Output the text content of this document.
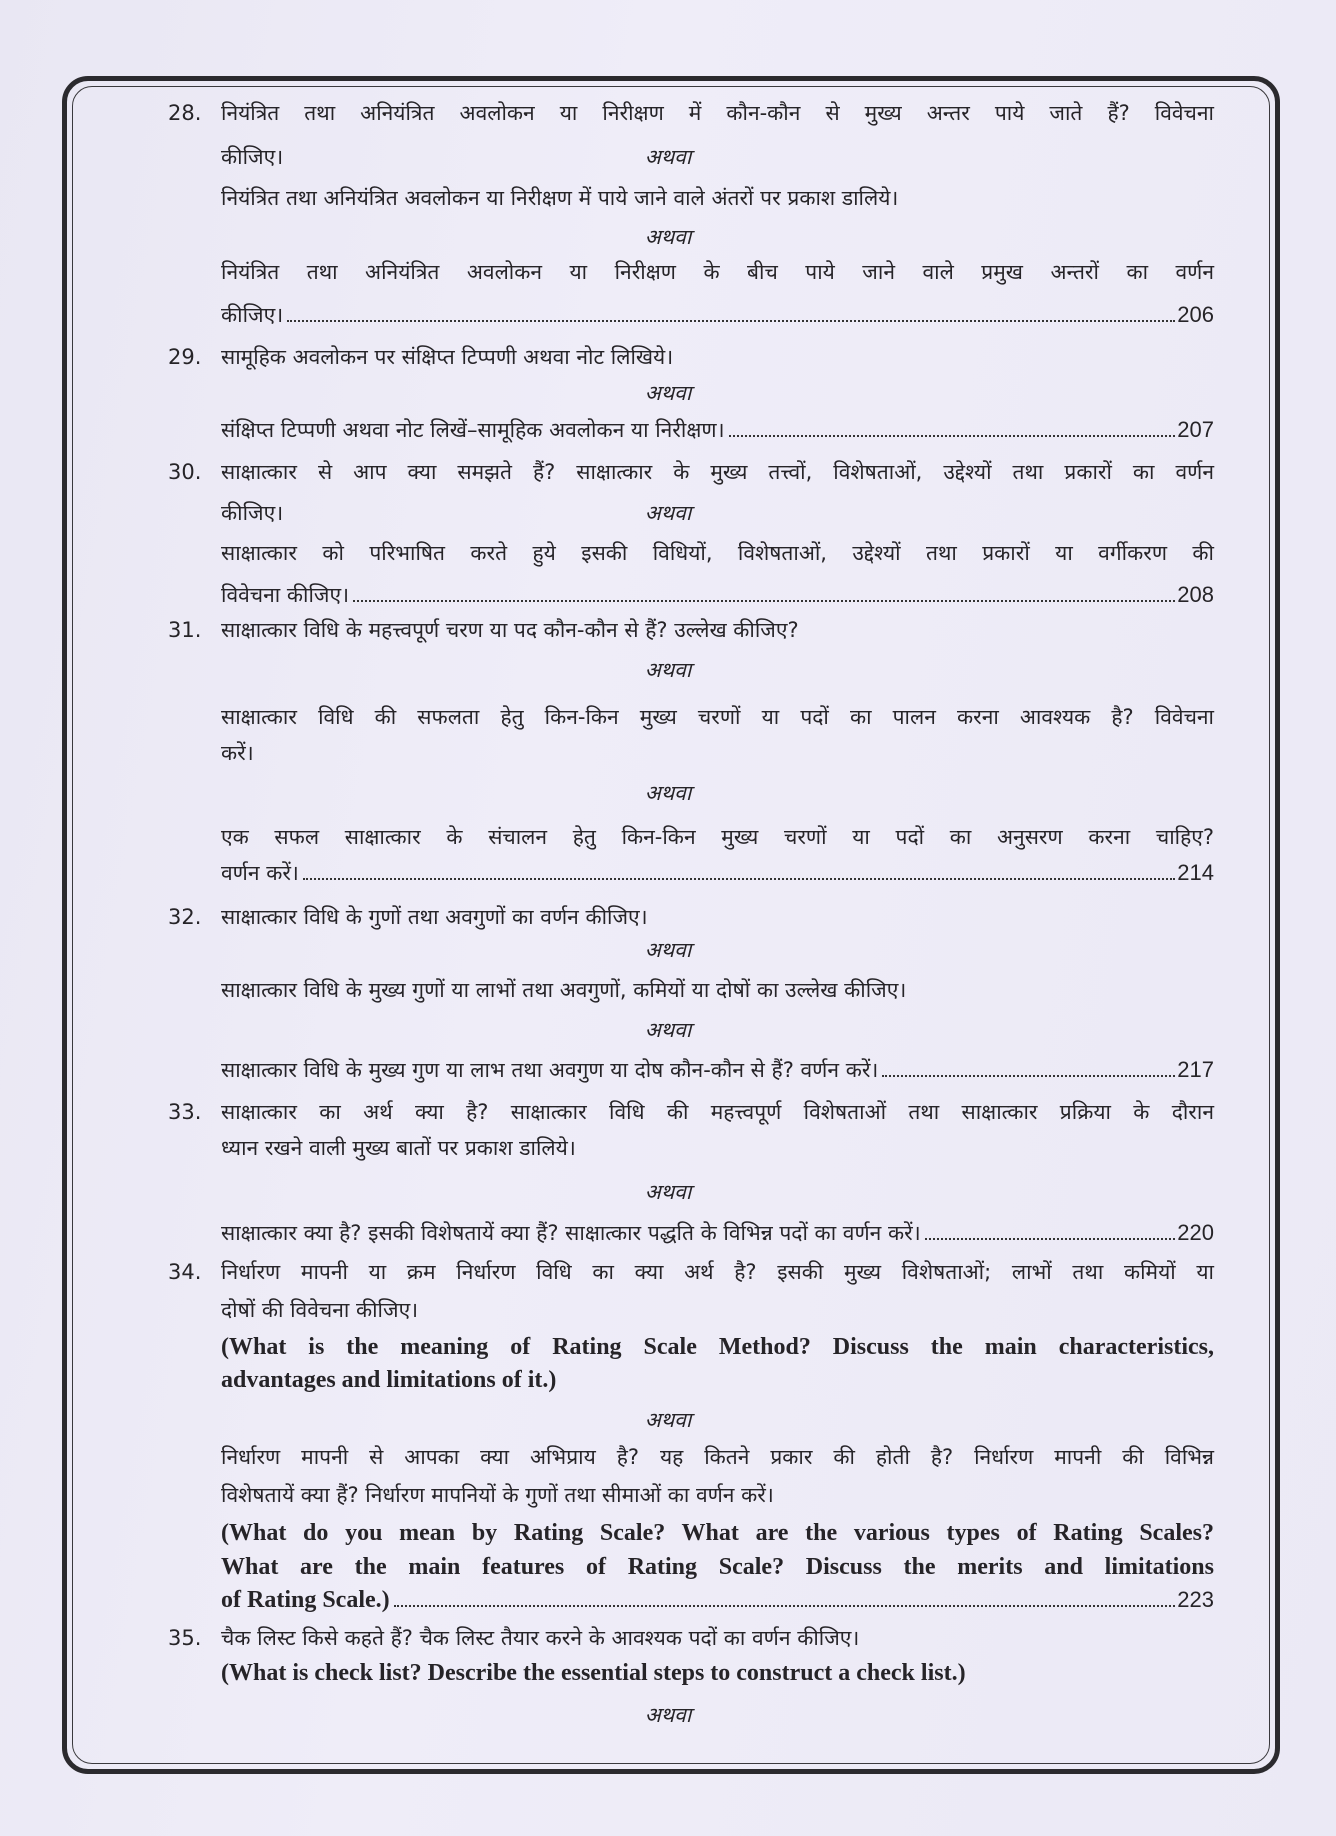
28. नियंत्रित तथा अनियंत्रित अवलोकन या निरीक्षण में कौन-कौन से मुख्य अन्तर पाये जाते हैं? विवेचना
अथवा
कीजिए।
नियंत्रित तथा अनियंत्रित अवलोकन या निरीक्षण में पाये जाने वाले अंतरों पर प्रकाश डालिये।
अथवा
नियंत्रित तथा अनियंत्रित अवलोकन या निरीक्षण के बीच पाये जाने वाले प्रमुख अन्तरों का वर्णन
कीजिए।	206
29. सामूहिक अवलोकन पर संक्षिप्त टिप्पणी अथवा नोट लिखिये।
अथवा
संक्षिप्त टिप्पणी अथवा नोट लिखें–सामूहिक अवलोकन या निरीक्षण।	207
30. साक्षात्कार से आप क्या समझते हैं? साक्षात्कार के मुख्य तत्त्वों, विशेषताओं, उद्देश्यों तथा प्रकारों का वर्णन
अथवा
कीजिए।
साक्षात्कार को परिभाषित करते हुये इसकी विधियों, विशेषताओं, उद्देश्यों तथा प्रकारों या वर्गीकरण की
विवेचना कीजिए।	208
31. साक्षात्कार विधि के महत्त्वपूर्ण चरण या पद कौन-कौन से हैं? उल्लेख कीजिए?
अथवा
साक्षात्कार विधि की सफलता हेतु किन-किन मुख्य चरणों या पदों का पालन करना आवश्यक है? विवेचना
करें।
अथवा
एक सफल साक्षात्कार के संचालन हेतु किन-किन मुख्य चरणों या पदों का अनुसरण करना चाहिए?
वर्णन करें।	214
32. साक्षात्कार विधि के गुणों तथा अवगुणों का वर्णन कीजिए।
अथवा
साक्षात्कार विधि के मुख्य गुणों या लाभों तथा अवगुणों, कमियों या दोषों का उल्लेख कीजिए।
अथवा
साक्षात्कार विधि के मुख्य गुण या लाभ तथा अवगुण या दोष कौन-कौन से हैं? वर्णन करें।	217
33. साक्षात्कार का अर्थ क्या है? साक्षात्कार विधि की महत्त्वपूर्ण विशेषताओं तथा साक्षात्कार प्रक्रिया के दौरान
ध्यान रखने वाली मुख्य बातों पर प्रकाश डालिये।
अथवा
साक्षात्कार क्या है? इसकी विशेषतायें क्या हैं? साक्षात्कार पद्धति के विभिन्न पदों का वर्णन करें।	220
34. निर्धारण मापनी या क्रम निर्धारण विधि का क्या अर्थ है? इसकी मुख्य विशेषताओं; लाभों तथा कमियों या
दोषों की विवेचना कीजिए।
(What is the meaning of Rating Scale Method? Discuss the main characteristics,
advantages and limitations of it.)
अथवा
निर्धारण मापनी से आपका क्या अभिप्राय है? यह कितने प्रकार की होती है? निर्धारण मापनी की विभिन्न
विशेषतायें क्या हैं? निर्धारण मापनियों के गुणों तथा सीमाओं का वर्णन करें।
(What do you mean by Rating Scale? What are the various types of Rating Scales?
What are the main features of Rating Scale? Discuss the merits and limitations
of Rating Scale.)	223
35. चैक लिस्ट किसे कहते हैं? चैक लिस्ट तैयार करने के आवश्यक पदों का वर्णन कीजिए।
(What is check list? Describe the essential steps to construct a check list.)
अथवा
